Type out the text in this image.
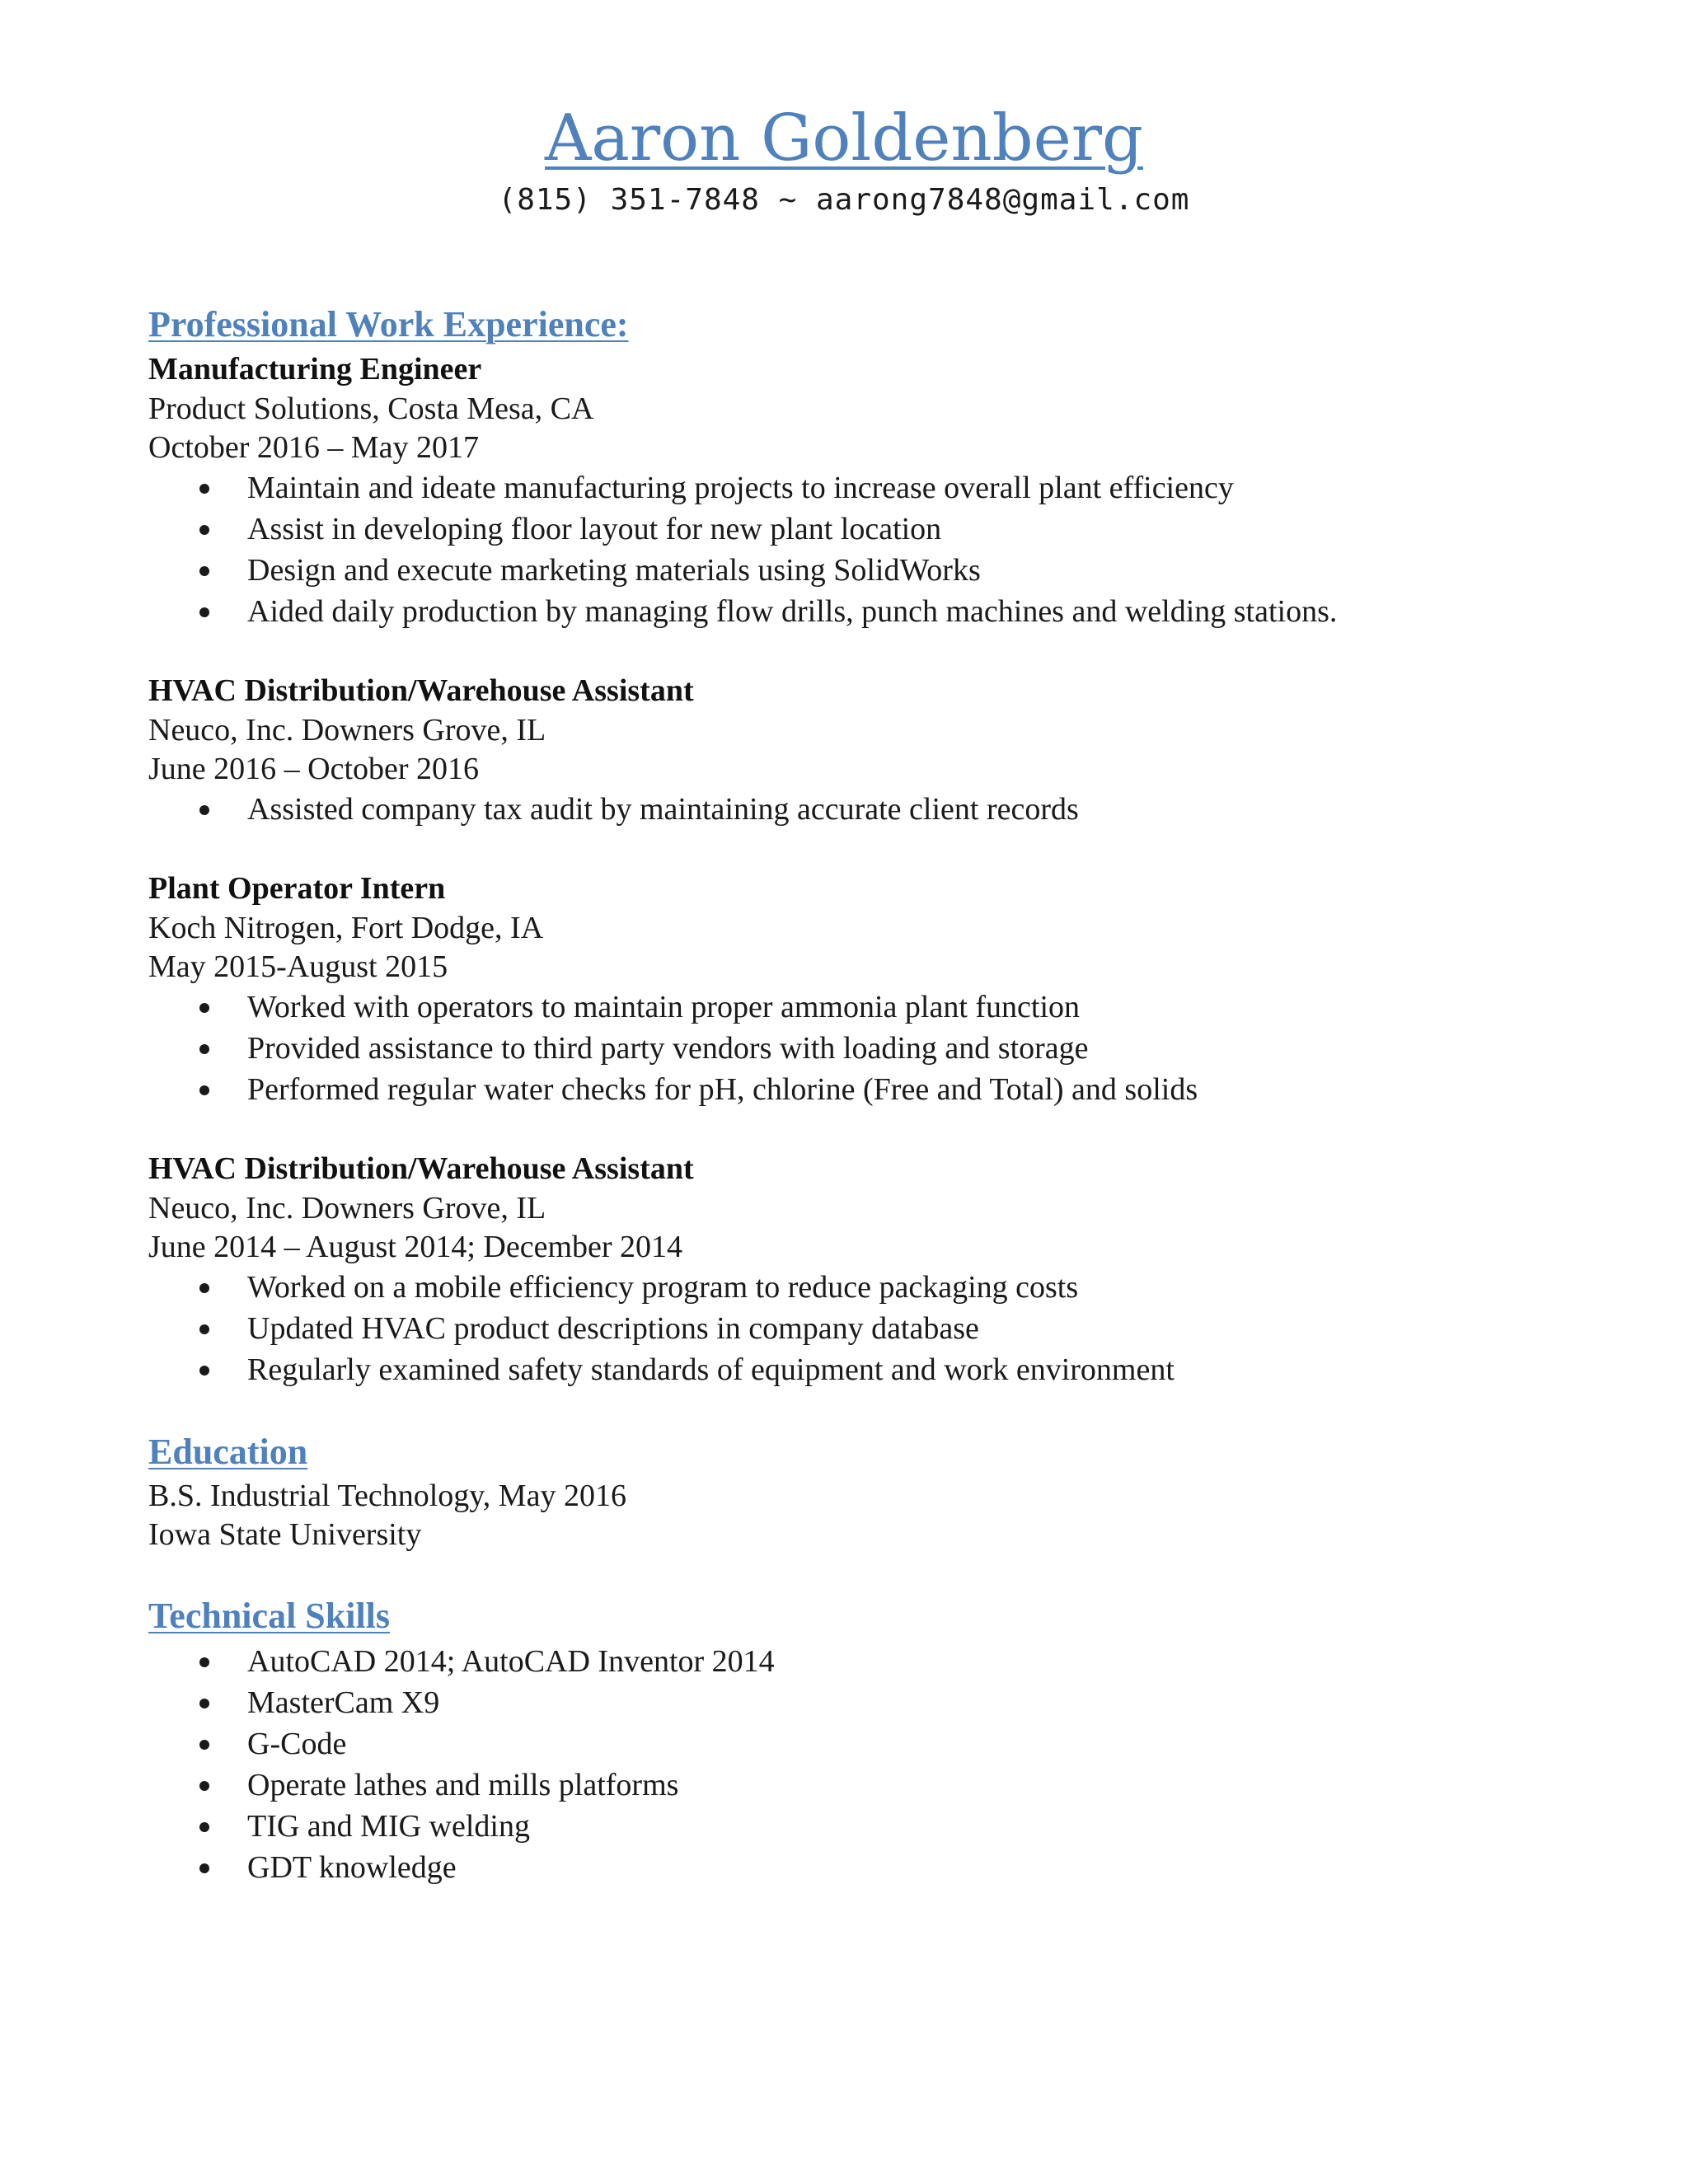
Aaron Goldenberg
(815) 351-7848 ~ aarong7848@gmail.com
Professional Work Experience:
Manufacturing Engineer
Product Solutions, Costa Mesa, CA
October 2016 – May 2017
Maintain and ideate manufacturing projects to increase overall plant efficiency
Assist in developing floor layout for new plant location
Design and execute marketing materials using SolidWorks
Aided daily production by managing flow drills, punch machines and welding stations.
HVAC Distribution/Warehouse Assistant
Neuco, Inc. Downers Grove, IL
June 2016 – October 2016
Assisted company tax audit by maintaining accurate client records
Plant Operator Intern
Koch Nitrogen, Fort Dodge, IA
May 2015-August 2015
Worked with operators to maintain proper ammonia plant function
Provided assistance to third party vendors with loading and storage
Performed regular water checks for pH, chlorine (Free and Total) and solids
HVAC Distribution/Warehouse Assistant
Neuco, Inc. Downers Grove, IL
June 2014 – August 2014; December 2014
Worked on a mobile efficiency program to reduce packaging costs
Updated HVAC product descriptions in company database
Regularly examined safety standards of equipment and work environment
Education
B.S. Industrial Technology, May 2016
Iowa State University
Technical Skills
AutoCAD 2014; AutoCAD Inventor 2014
MasterCam X9
G-Code
Operate lathes and mills platforms
TIG and MIG welding
GDT knowledge
